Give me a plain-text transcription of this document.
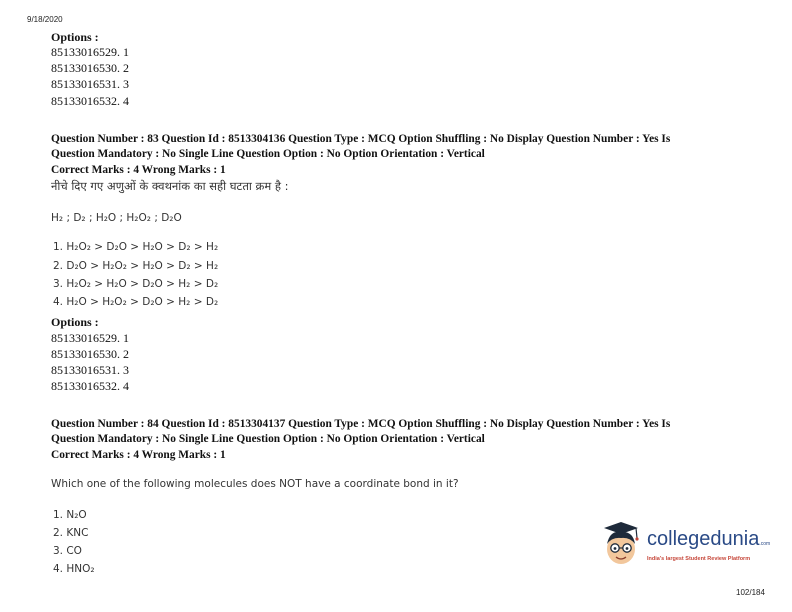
9/18/2020
Options :
85133016529. 1
85133016530. 2
85133016531. 3
85133016532. 4
Question Number : 83 Question Id : 8513304136 Question Type : MCQ Option Shuffling : No Display Question Number : Yes Is
Question Mandatory : No Single Line Question Option : No Option Orientation : Vertical
Correct Marks : 4 Wrong Marks : 1
नीचे दिए गए अणुओं के क्वथनांक का सही घटता क्रम है :
H₂ ; D₂ ; H₂O ; H₂O₂ ; D₂O
1. H₂O₂ > D₂O > H₂O > D₂ > H₂
2. D₂O > H₂O₂ > H₂O > D₂ > H₂
3. H₂O₂ > H₂O > D₂O > H₂ > D₂
4. H₂O > H₂O₂ > D₂O > H₂ > D₂
Options :
85133016529. 1
85133016530. 2
85133016531. 3
85133016532. 4
Question Number : 84 Question Id : 8513304137 Question Type : MCQ Option Shuffling : No Display Question Number : Yes Is
Question Mandatory : No Single Line Question Option : No Option Orientation : Vertical
Correct Marks : 4 Wrong Marks : 1
Which one of the following molecules does NOT have a coordinate bond in it?
1. N₂O
2. KNC
3. CO
4. HNO₂
collegedunia.com
India's largest Student Review Platform
102/184
